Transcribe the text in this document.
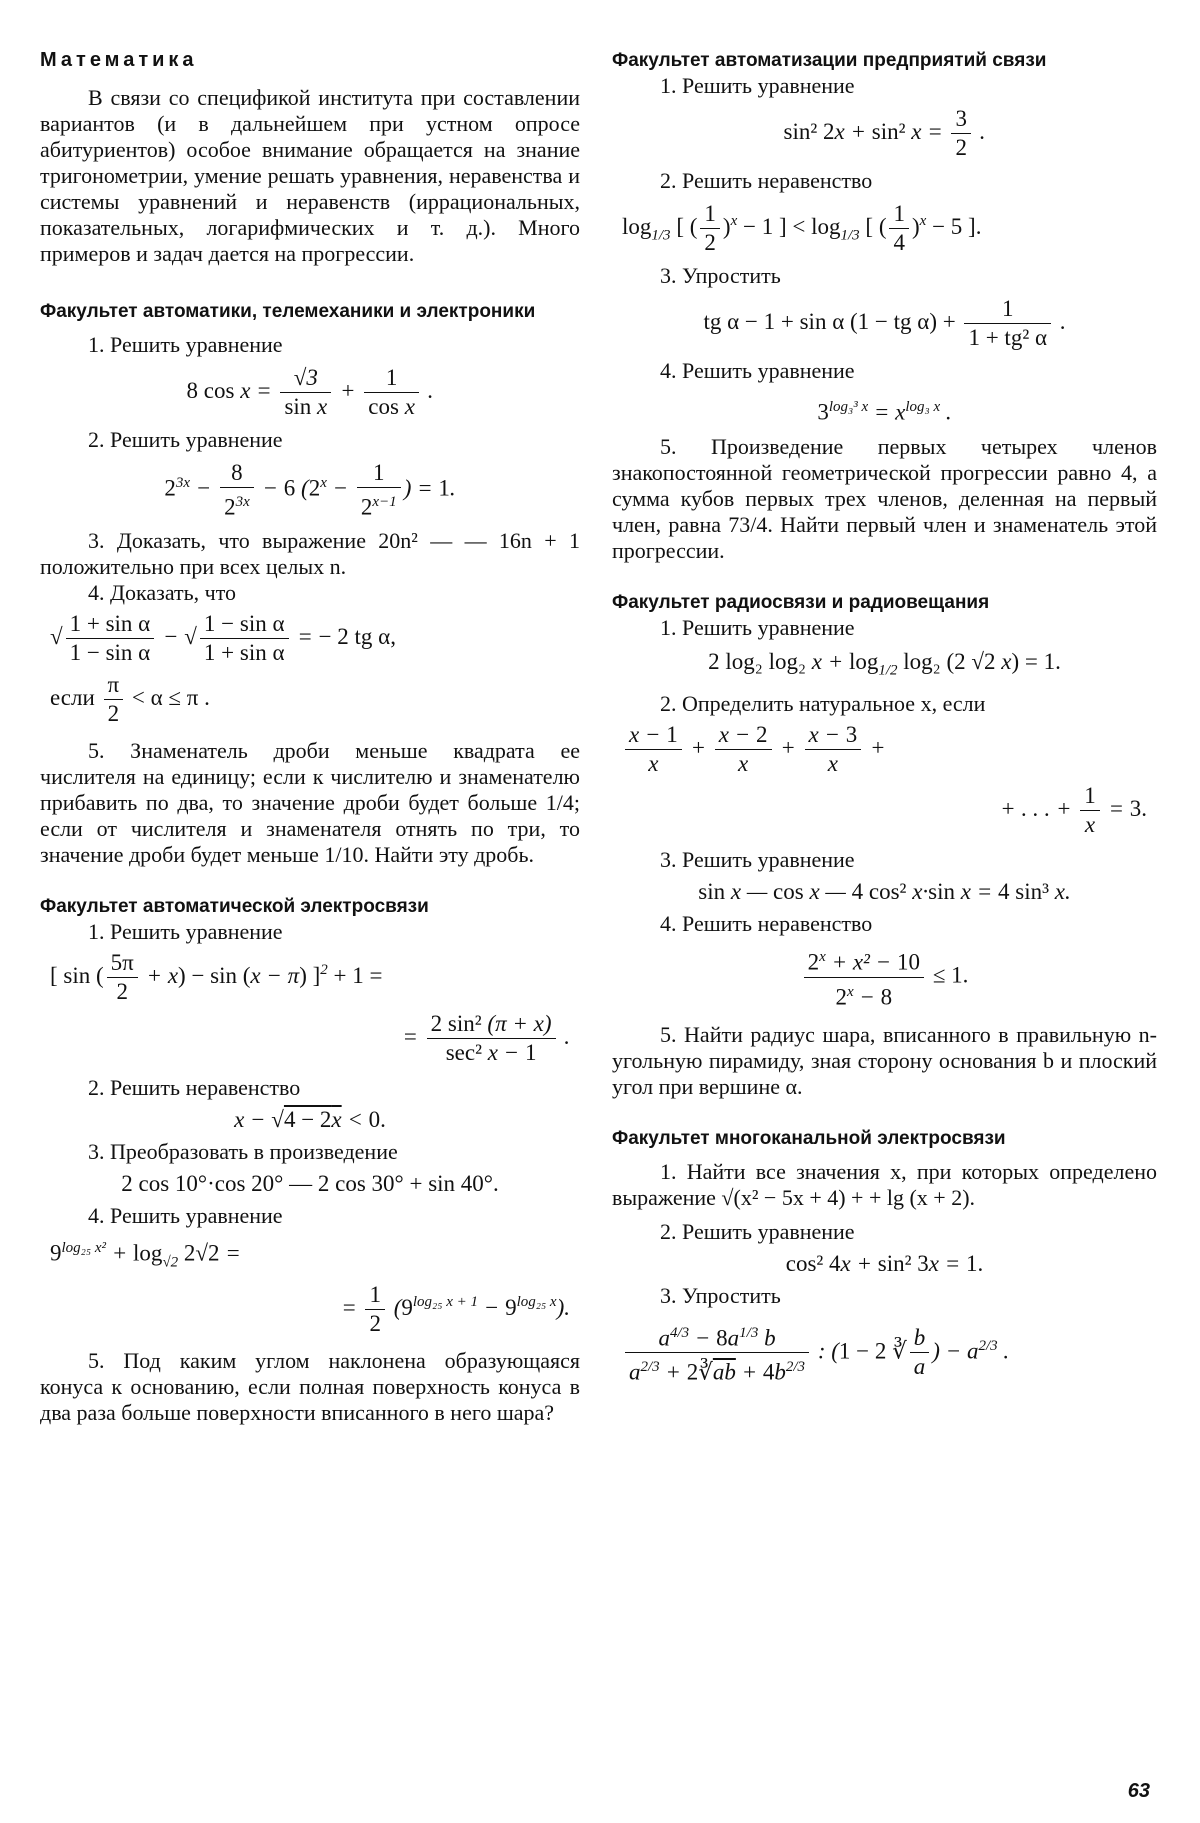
Математика

В связи со спецификой института при составлении вариантов (и в дальнейшем при устном опросе абитуриентов) особое внимание обращается на знание тригонометрии, умение решать уравнения, неравенства и системы уравнений и неравенств (иррациональных, показательных, логарифмических и т. д.). Много примеров и задач дается на прогрессии.

Факультет автоматики, телемеханики и электроники

1. Решить уравнение

8 $\cos x = \frac{√3}{\text{sin x}} + \frac{1}{\text{cos x}}$ .

2. Решить уравнение

$2^{3x} - \frac{8}{2^{3x}} - 6$ ($2^x - \frac{1}{2^{x-1}}$ ) = 1.

3. Доказать, что выражение 20n² — — 16n + 1 положительно при всех целых n.

4. Доказать, что

√ $\frac{\text{1 + sin α}}{\text{1 − sin α}}$ − √ $\frac{\text{1 − sin α}}{\text{1 + sin α}}$ = − 2 tg α,

если $\frac{\pi}{2} < \alpha \le \pi$ .

5. Знаменатель дроби меньше квадрата ее числителя на единицу; если к числителю и знаменателю прибавить по два, то значение дроби будет больше 1/4; если от числителя и знаменателя отнять по три, то значение дроби будет меньше 1/10. Найти эту дробь.

Факультет автоматической электросвязи

1. Решить уравнение

[ sin ( $\frac{5\pi}{2} + x) - \sin (x - \pi)$ ]$^2$ + 1 =

= $\frac{\text{2 sin² (π + x)}}{\text{sec² x − 1}}$ .

2. Решить неравенство

x − √4 − 2x < 0.

3. Преобразовать в произведение

2 cos 10°·cos 20° — 2 cos 30° + sin 40°.

4. Решить уравнение

$9^{log_{25} x^2} + \log_{√2} 2√2$ =

= $\frac{1}{2} (9^{log_{25} x + 1} - 9^{log_{25} x})$.

5. Под каким углом наклонена образующаяся конуса к основанию, если полная поверхность конуса в два раза больше поверхности вписанного в него шара?

Факультет автоматизации предприятий связи

1. Решить уравнение

sin² 2x + sin² $x = \frac{3}{2}$ .

2. Решить неравенство

$\log_{1/3}$ [ ( $\frac{1}{2} )^x - 1$ ] < $\log_{1/3}$ [ ( $\frac{1}{4} )^x - 5$ ].

3. Упростить

tg α − 1 + sin α (1 − tg $\alpha) + \frac{1}{\text{1 + tg² α}}$ .

4. Решить уравнение

$3^{log_3^3 x} = x^{log_3 x}$ .

5. Произведение первых четырех членов знакопостоянной геометрической прогрессии равно 4, а сумма кубов первых трех членов, деленная на первый член, равна 73/4. Найти первый член и знаменатель этой прогрессии.

Факультет радиосвязи и радиовещания

1. Решить уравнение

2 log₂ log₂ $x + \log_{1/2} \log_2$ (2 √2 x) = 1.

2. Определить натуральное x, если

$\frac{x - 1}{x} + \frac{x - 2}{x} + \frac{x - 3}{x}$ +

+ . . . + $\frac{1}{x} = 3$.

3. Решить уравнение

sin x — cos x — 4 cos² x·sin x = 4 sin³ x.

4. Решить неравенство

$\frac{2^x + x^2 - 10}{2^x - 8} \le 1$.

5. Найти радиус шара, вписанного в правильную n-угольную пирамиду, зная сторону основания b и плоский угол при вершине α.

Факультет многоканальной электросвязи

1. Найти все значения x, при которых определено выражение √(x² − 5x + 4) + + lg (x + 2).

2. Решить уравнение

cos² 4x + sin² 3x = 1.

3. Упростить

$\frac{a^{4/3} - 8a^{1/3} b}{a^{2/3} + 2∛\overline{ab} + 4b^{2/3}}$ : (1 − 2 ∛ $\frac{b}{a}$ ) − $a^{2/3}$ .

63
